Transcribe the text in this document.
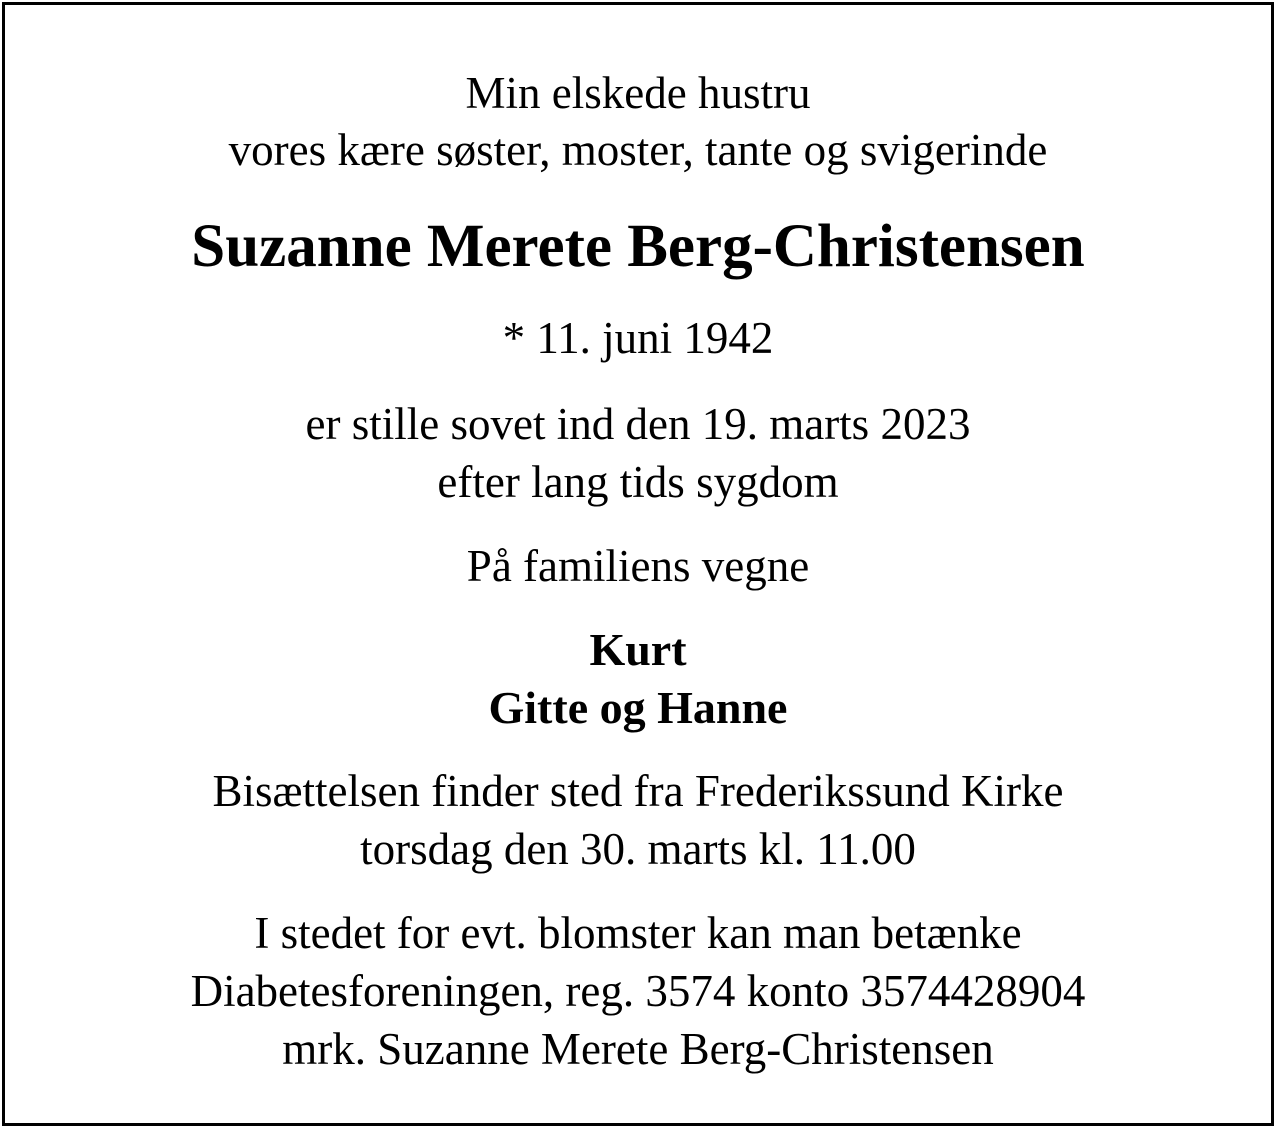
Min elskede hustru

vores kære søster, moster, tante og svigerinde

Suzanne Merete Berg-Christensen

* 11. juni 1942

er stille sovet ind den 19. marts 2023

efter lang tids sygdom

På familiens vegne

Kurt

Gitte og Hanne

Bisættelsen finder sted fra Frederikssund Kirke

torsdag den 30. marts kl. 11.00

I stedet for evt. blomster kan man betænke

Diabetesforeningen, reg. 3574 konto 3574428904

mrk. Suzanne Merete Berg-Christensen
